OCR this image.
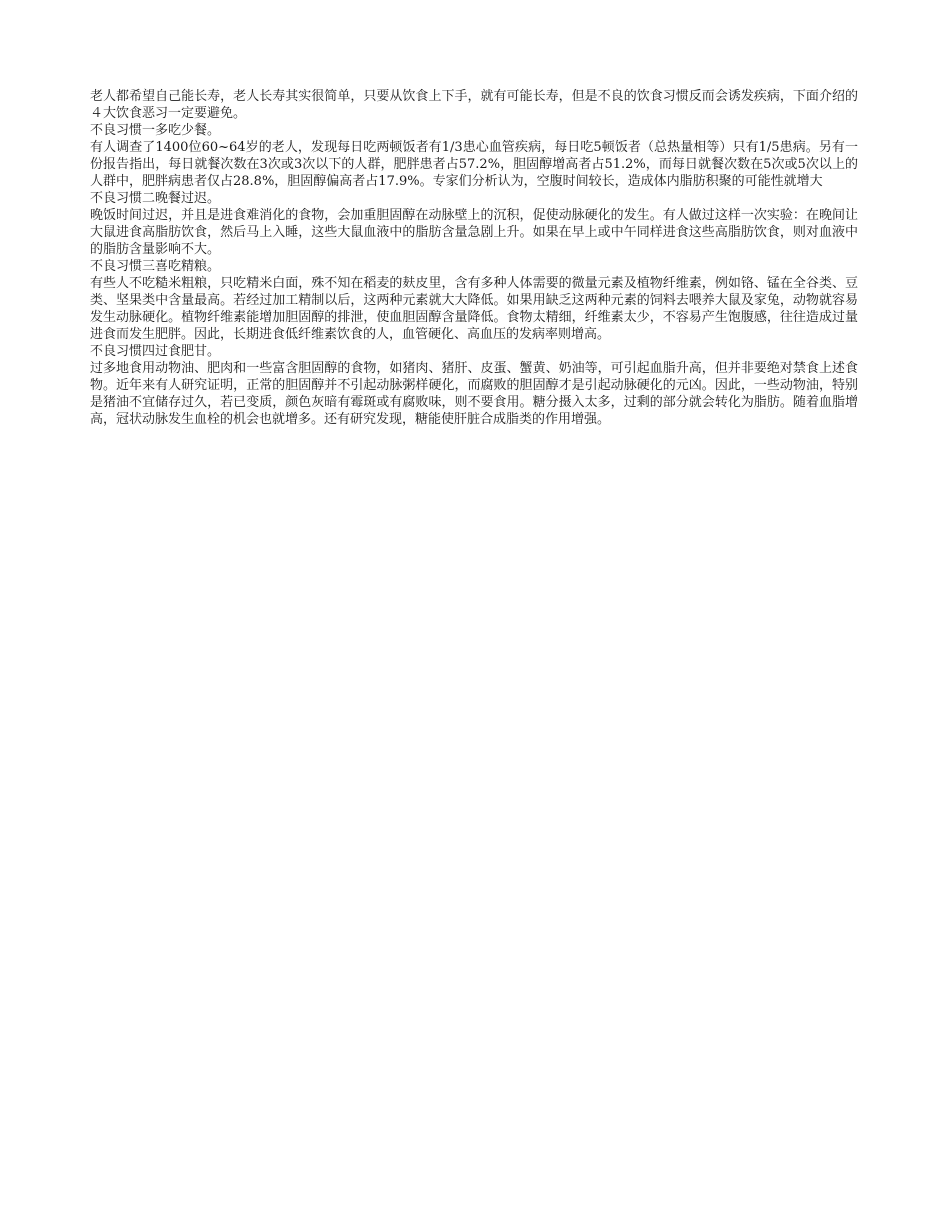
老人都希望自己能长寿，老人长寿其实很简单，只要从饮食上下手，就有可能长寿，但是不良的饮食习惯反而会诱发疾病，下面介绍的４大饮食恶习一定要避免。

不良习惯一多吃少餐。

有人调查了1400位60~64岁的老人，发现每日吃两顿饭者有1/3患心血管疾病，每日吃5顿饭者（总热量相等）只有1/5患病。另有一份报告指出，每日就餐次数在3次或3次以下的人群，肥胖患者占57.2%，胆固醇增高者占51.2%，而每日就餐次数在5次或5次以上的人群中，肥胖病患者仅占28.8%，胆固醇偏高者占17.9%。专家们分析认为，空腹时间较长，造成体内脂肪积聚的可能性就增大

不良习惯二晚餐过迟。

晚饭时间过迟，并且是进食难消化的食物，会加重胆固醇在动脉壁上的沉积，促使动脉硬化的发生。有人做过这样一次实验：在晚间让大鼠进食高脂肪饮食，然后马上入睡，这些大鼠血液中的脂肪含量急剧上升。如果在早上或中午同样进食这些高脂肪饮食，则对血液中的脂肪含量影响不大。

不良习惯三喜吃精粮。

有些人不吃糙米粗粮，只吃精米白面，殊不知在稻麦的麸皮里，含有多种人体需要的微量元素及植物纤维素，例如铬、锰在全谷类、豆类、坚果类中含量最高。若经过加工精制以后，这两种元素就大大降低。如果用缺乏这两种元素的饲料去喂养大鼠及家兔，动物就容易发生动脉硬化。植物纤维素能增加胆固醇的排泄，使血胆固醇含量降低。食物太精细，纤维素太少，不容易产生饱腹感，往往造成过量进食而发生肥胖。因此，长期进食低纤维素饮食的人，血管硬化、高血压的发病率则增高。

不良习惯四过食肥甘。

过多地食用动物油、肥肉和一些富含胆固醇的食物，如猪肉、猪肝、皮蛋、蟹黄、奶油等，可引起血脂升高，但并非要绝对禁食上述食物。近年来有人研究证明，正常的胆固醇并不引起动脉粥样硬化，而腐败的胆固醇才是引起动脉硬化的元凶。因此，一些动物油，特别是猪油不宜储存过久，若已变质，颜色灰暗有霉斑或有腐败味，则不要食用。糖分摄入太多，过剩的部分就会转化为脂肪。随着血脂增高，冠状动脉发生血栓的机会也就增多。还有研究发现，糖能使肝脏合成脂类的作用增强。
